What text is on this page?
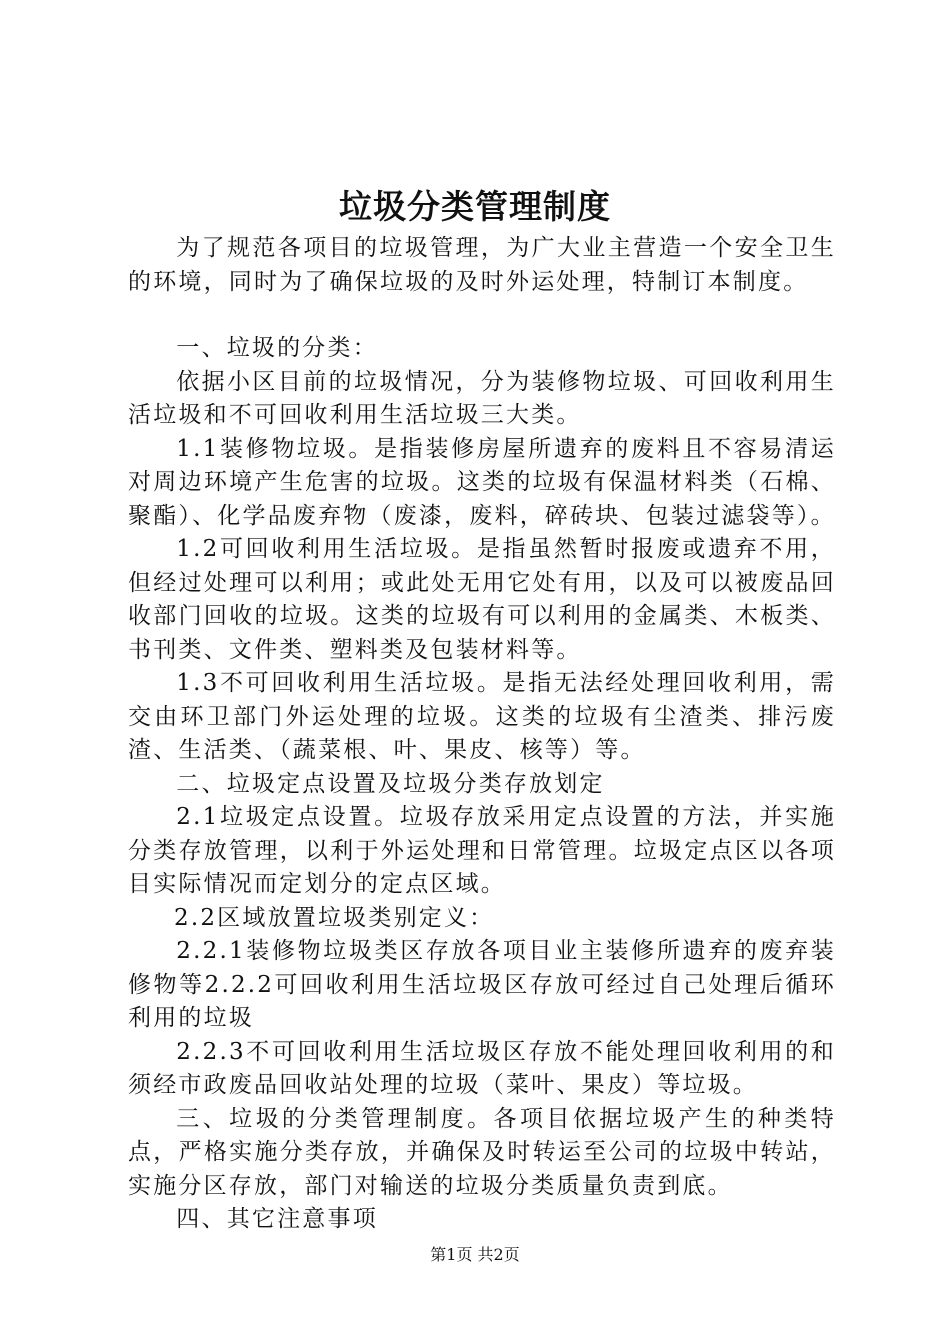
垃圾分类管理制度

为了规范各项目的垃圾管理，为广大业主营造一个安全卫生的环境，同时为了确保垃圾的及时外运处理，特制订本制度。

一、垃圾的分类：

依据小区目前的垃圾情况，分为装修物垃圾、可回收利用生活垃圾和不可回收利用生活垃圾三大类。

1.1装修物垃圾。是指装修房屋所遗弃的废料且不容易清运对周边环境产生危害的垃圾。这类的垃圾有保温材料类（石棉、聚酯）、化学品废弃物（废漆，废料，碎砖块、包装过滤袋等）。

1.2可回收利用生活垃圾。是指虽然暂时报废或遗弃不用，但经过处理可以利用；或此处无用它处有用，以及可以被废品回收部门回收的垃圾。这类的垃圾有可以利用的金属类、木板类、书刊类、文件类、塑料类及包装材料等。

1.3不可回收利用生活垃圾。是指无法经处理回收利用，需交由环卫部门外运处理的垃圾。这类的垃圾有尘渣类、排污废渣、生活类、（蔬菜根、叶、果皮、核等）等。

二、垃圾定点设置及垃圾分类存放划定

2.1垃圾定点设置。垃圾存放采用定点设置的方法，并实施分类存放管理，以利于外运处理和日常管理。垃圾定点区以各项目实际情况而定划分的定点区域。

2.2区域放置垃圾类别定义：

2.2.1装修物垃圾类区存放各项目业主装修所遗弃的废弃装修物等2.2.2可回收利用生活垃圾区存放可经过自己处理后循环利用的垃圾

2.2.3不可回收利用生活垃圾区存放不能处理回收利用的和须经市政废品回收站处理的垃圾（菜叶、果皮）等垃圾。

三、垃圾的分类管理制度。各项目依据垃圾产生的种类特点，严格实施分类存放，并确保及时转运至公司的垃圾中转站，实施分区存放，部门对输送的垃圾分类质量负责到底。

四、其它注意事项

第1页 共2页
